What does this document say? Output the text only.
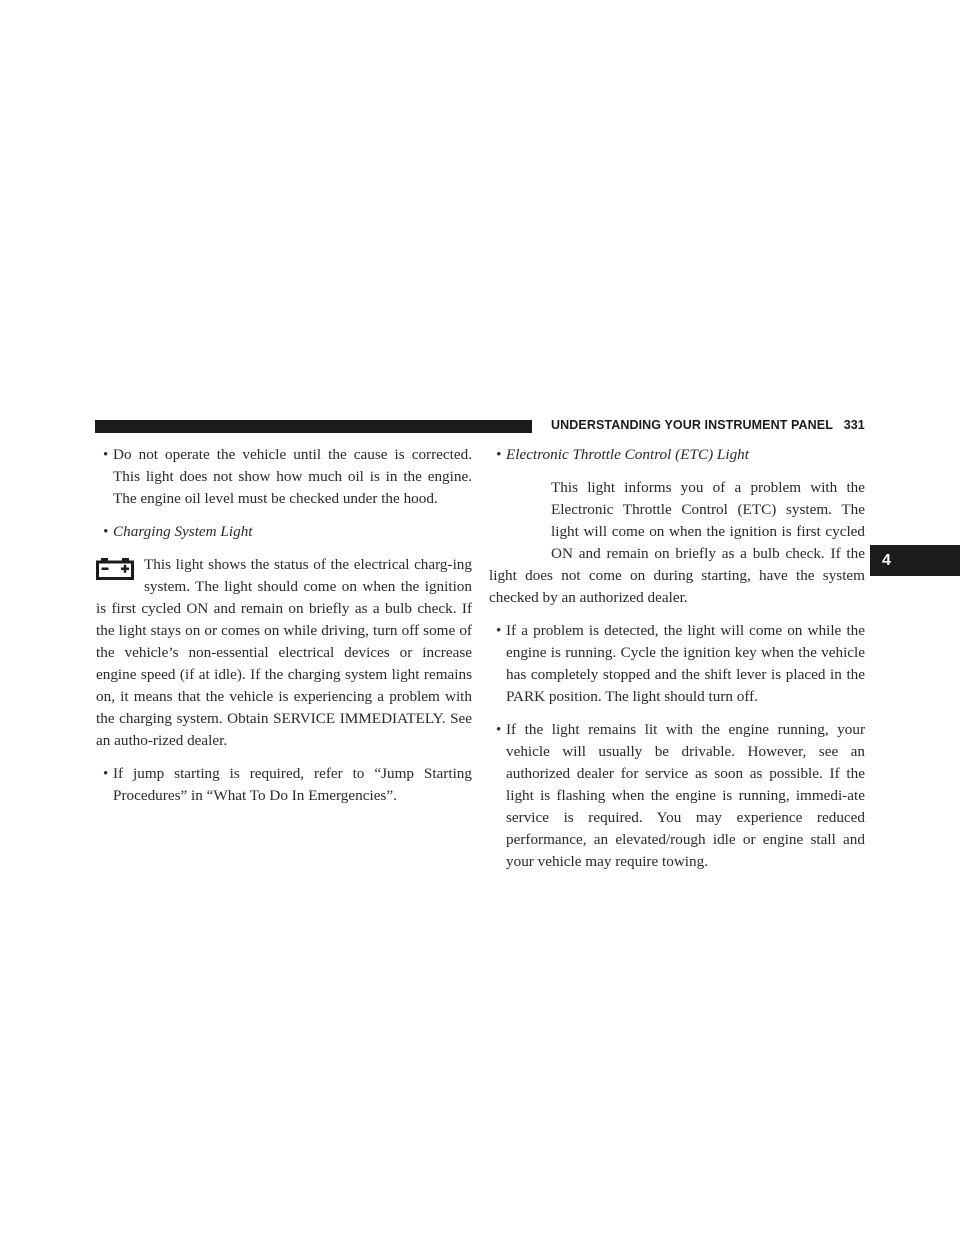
UNDERSTANDING YOUR INSTRUMENT PANEL 331
4
• Do not operate the vehicle until the cause is corrected. This light does not show how much oil is in the engine. The engine oil level must be checked under the hood.
• Charging System Light
This light shows the status of the electrical charg-ing system. The light should come on when the ignition is first cycled ON and remain on briefly as a bulb check. If the light stays on or comes on while driving, turn off some of the vehicle’s non-essential electrical devices or increase engine speed (if at idle). If the charging system light remains on, it means that the vehicle is experiencing a problem with the charging system. Obtain SERVICE IMMEDIATELY. See an autho-rized dealer.
• If jump starting is required, refer to “Jump Starting Procedures” in “What To Do In Emergencies”.
• Electronic Throttle Control (ETC) Light
This light informs you of a problem with the Electronic Throttle Control (ETC) system. The light will come on when the ignition is first cycled ON and remain on briefly as a bulb check. If the light does not come on during starting, have the system checked by an authorized dealer.
• If a problem is detected, the light will come on while the engine is running. Cycle the ignition key when the vehicle has completely stopped and the shift lever is placed in the PARK position. The light should turn off.
• If the light remains lit with the engine running, your vehicle will usually be drivable. However, see an authorized dealer for service as soon as possible. If the light is flashing when the engine is running, immedi-ate service is required. You may experience reduced performance, an elevated/rough idle or engine stall and your vehicle may require towing.
